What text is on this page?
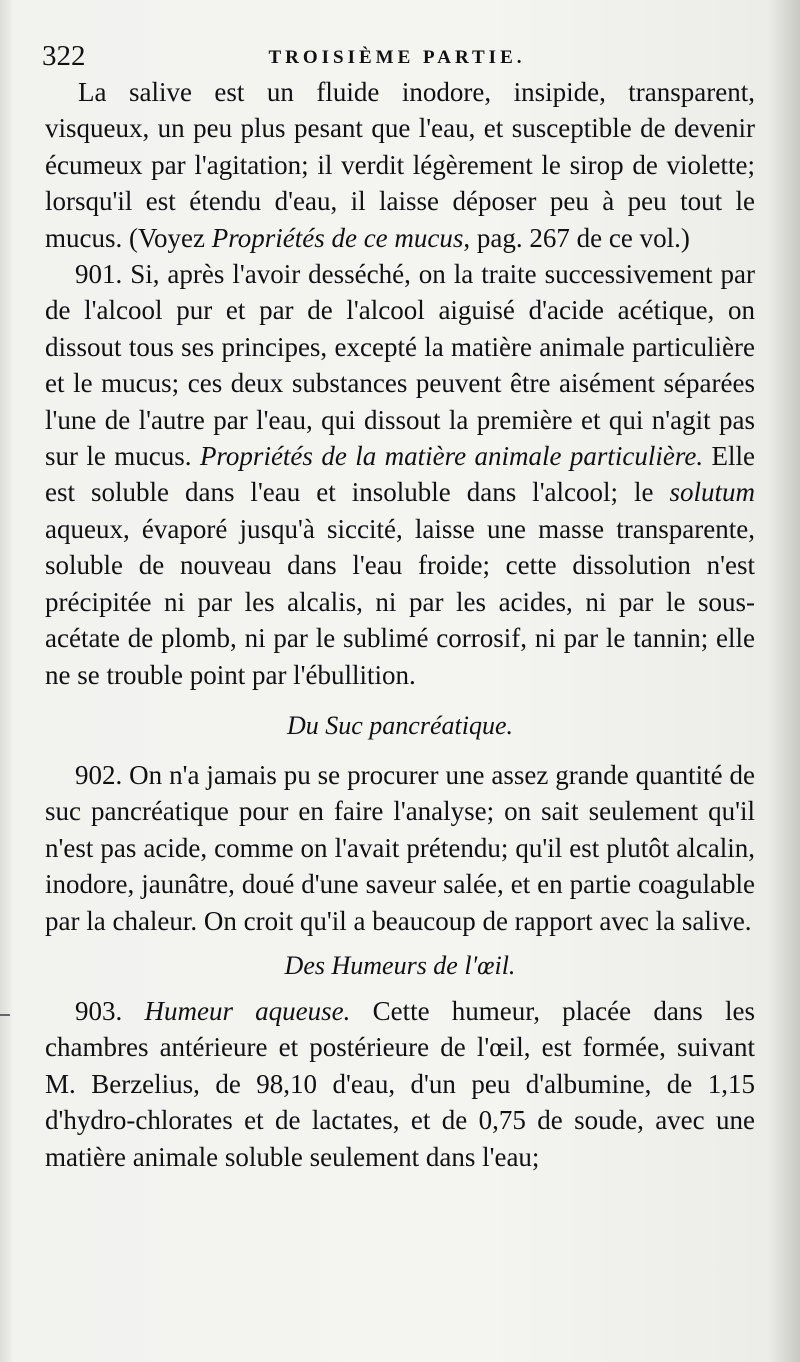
322	TROISIÈME PARTIE.

La salive est un fluide inodore, insipide, transparent, visqueux, un peu plus pesant que l'eau, et susceptible de devenir écumeux par l'agitation; il verdit légèrement le sirop de violette; lorsqu'il est étendu d'eau, il laisse déposer peu à peu tout le mucus. (Voyez Propriétés de ce mucus, pag. 267 de ce vol.)

901. Si, après l'avoir desséché, on la traite successivement par de l'alcool pur et par de l'alcool aiguisé d'acide acétique, on dissout tous ses principes, excepté la matière animale particulière et le mucus; ces deux substances peuvent être aisément séparées l'une de l'autre par l'eau, qui dissout la première et qui n'agit pas sur le mucus. Propriétés de la matière animale particulière. Elle est soluble dans l'eau et insoluble dans l'alcool; le solutum aqueux, évaporé jusqu'à siccité, laisse une masse transparente, soluble de nouveau dans l'eau froide; cette dissolution n'est précipitée ni par les alcalis, ni par les acides, ni par le sous-acétate de plomb, ni par le sublimé corrosif, ni par le tannin; elle ne se trouble point par l'ébullition.

Du Suc pancréatique.

902. On n'a jamais pu se procurer une assez grande quantité de suc pancréatique pour en faire l'analyse; on sait seulement qu'il n'est pas acide, comme on l'avait prétendu; qu'il est plutôt alcalin, inodore, jaunâtre, doué d'une saveur salée, et en partie coagulable par la chaleur. On croit qu'il a beaucoup de rapport avec la salive.

Des Humeurs de l'œil.

903. Humeur aqueuse. Cette humeur, placée dans les chambres antérieure et postérieure de l'œil, est formée, suivant M. Berzelius, de 98,10 d'eau, d'un peu d'albumine, de 1,15 d'hydro-chlorates et de lactates, et de 0,75 de soude, avec une matière animale soluble seulement dans l'eau;
